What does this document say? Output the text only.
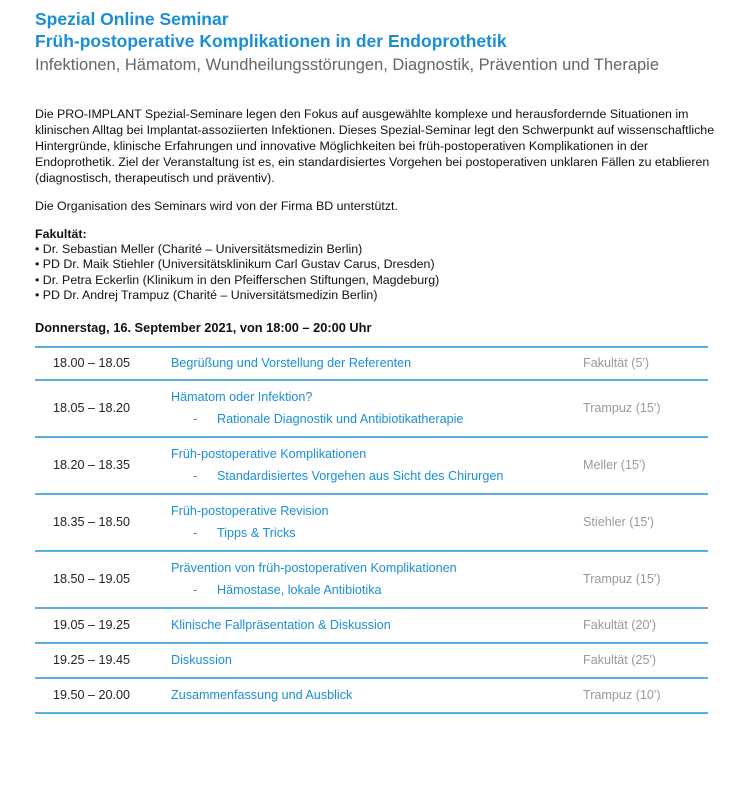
Spezial Online Seminar
Früh-postoperative Komplikationen in der Endoprothetik
Infektionen, Hämatom, Wundheilungsstörungen, Diagnostik, Prävention und Therapie
Die PRO-IMPLANT Spezial-Seminare legen den Fokus auf ausgewählte komplexe und herausfordernde Situationen im klinischen Alltag bei Implantat-assoziierten Infektionen. Dieses Spezial-Seminar legt den Schwerpunkt auf wissenschaftliche Hintergründe, klinische Erfahrungen und innovative Möglichkeiten bei früh-postoperativen Komplikationen in der Endoprothetik. Ziel der Veranstaltung ist es, ein standardisiertes Vorgehen bei postoperativen unklaren Fällen zu etablieren (diagnostisch, therapeutisch und präventiv).
Die Organisation des Seminars wird von der Firma BD unterstützt.
Fakultät:
• Dr. Sebastian Meller (Charité – Universitätsmedizin Berlin)
• PD Dr. Maik Stiehler (Universitätsklinikum Carl Gustav Carus, Dresden)
• Dr. Petra Eckerlin (Klinikum in den Pfeifferschen Stiftungen, Magdeburg)
• PD Dr. Andrej Trampuz (Charité – Universitätsmedizin Berlin)
Donnerstag, 16. September 2021, von 18:00 – 20:00 Uhr
18.00 – 18.05	Begrüßung und Vorstellung der Referenten	Fakultät (5')
18.05 – 18.20	Hämatom oder Infektion?
- Rationale Diagnostik und Antibiotikatherapie	Trampuz (15')
18.20 – 18.35	Früh-postoperative Komplikationen
- Standardisiertes Vorgehen aus Sicht des Chirurgen	Meller (15')
18.35 – 18.50	Früh-postoperative Revision
- Tipps & Tricks	Stiehler (15')
18.50 – 19.05	Prävention von früh-postoperativen Komplikationen
- Hämostase, lokale Antibiotika	Trampuz (15')
19.05 – 19.25	Klinische Fallpräsentation & Diskussion	Fakultät (20')
19.25 – 19.45	Diskussion	Fakultät (25')
19.50 – 20.00	Zusammenfassung und Ausblick	Trampuz (10')
